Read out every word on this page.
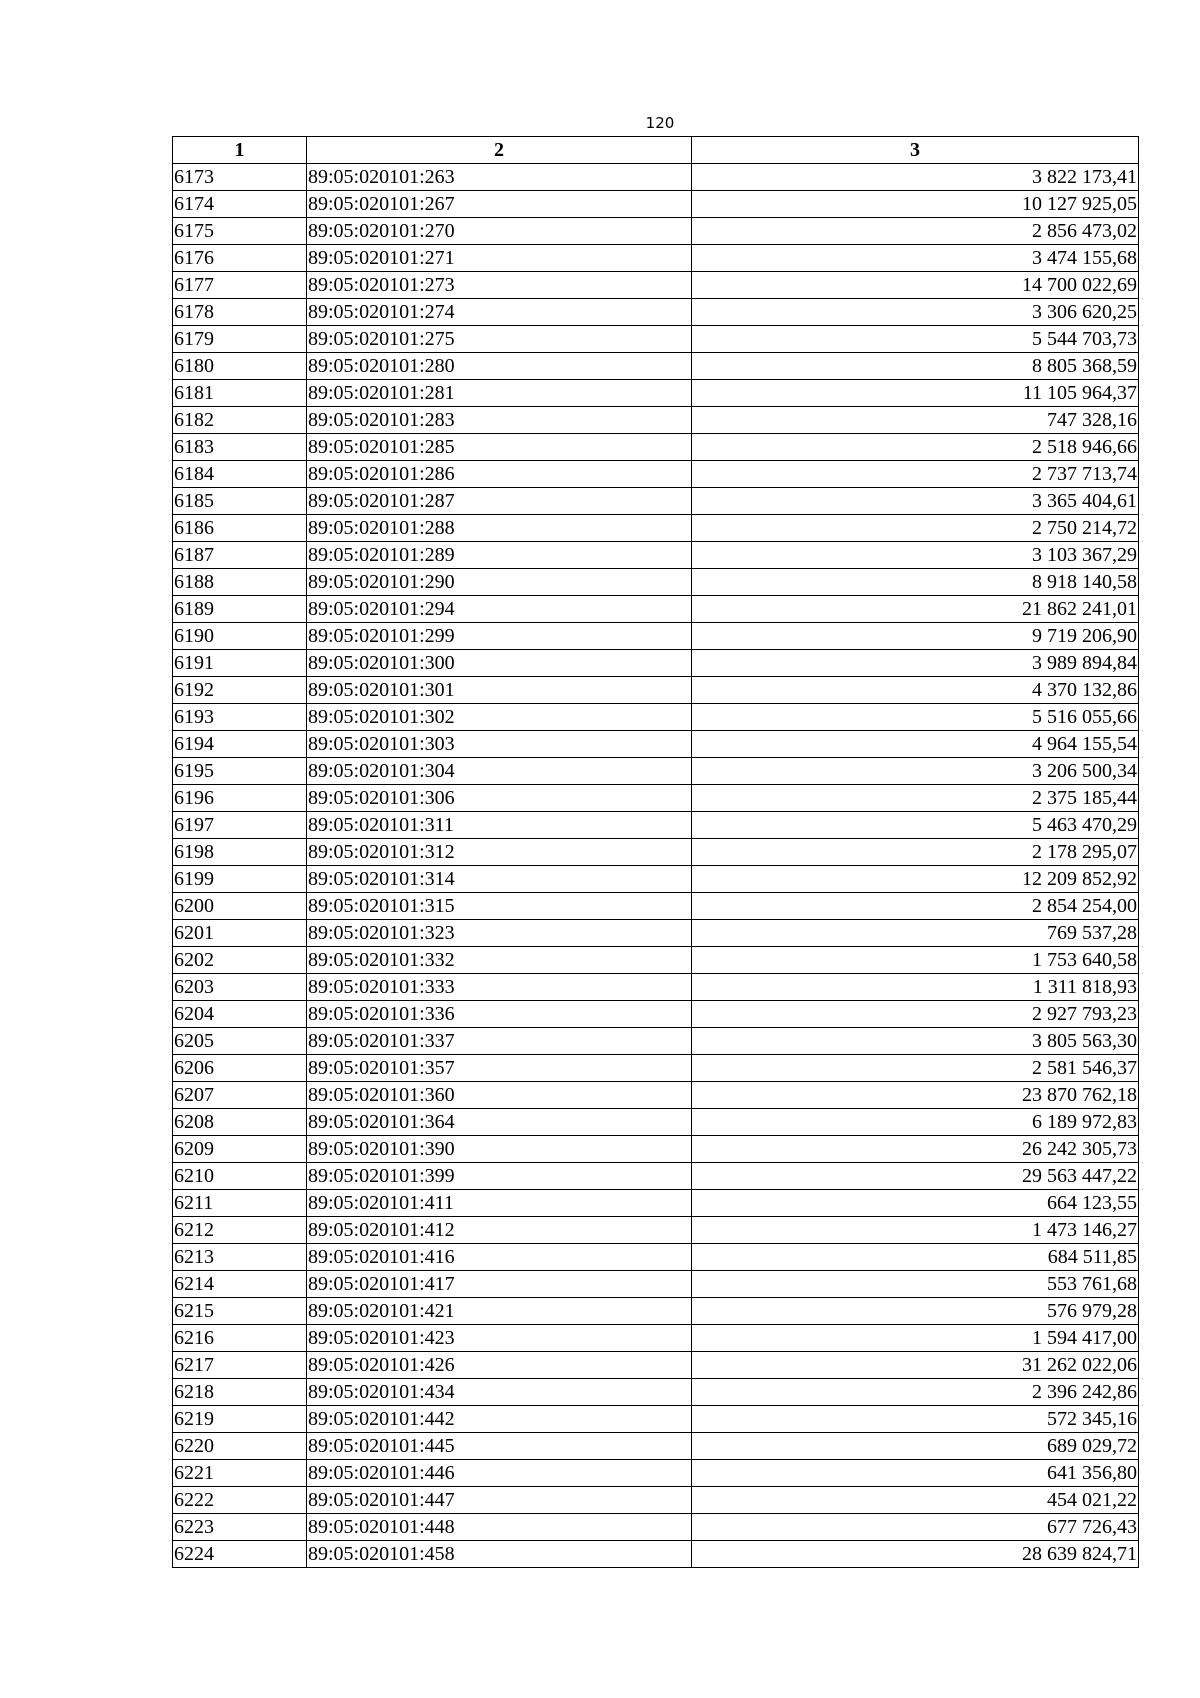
120
1	2	3
6173	89:05:020101:263	3 822 173,41
6174	89:05:020101:267	10 127 925,05
6175	89:05:020101:270	2 856 473,02
6176	89:05:020101:271	3 474 155,68
6177	89:05:020101:273	14 700 022,69
6178	89:05:020101:274	3 306 620,25
6179	89:05:020101:275	5 544 703,73
6180	89:05:020101:280	8 805 368,59
6181	89:05:020101:281	11 105 964,37
6182	89:05:020101:283	747 328,16
6183	89:05:020101:285	2 518 946,66
6184	89:05:020101:286	2 737 713,74
6185	89:05:020101:287	3 365 404,61
6186	89:05:020101:288	2 750 214,72
6187	89:05:020101:289	3 103 367,29
6188	89:05:020101:290	8 918 140,58
6189	89:05:020101:294	21 862 241,01
6190	89:05:020101:299	9 719 206,90
6191	89:05:020101:300	3 989 894,84
6192	89:05:020101:301	4 370 132,86
6193	89:05:020101:302	5 516 055,66
6194	89:05:020101:303	4 964 155,54
6195	89:05:020101:304	3 206 500,34
6196	89:05:020101:306	2 375 185,44
6197	89:05:020101:311	5 463 470,29
6198	89:05:020101:312	2 178 295,07
6199	89:05:020101:314	12 209 852,92
6200	89:05:020101:315	2 854 254,00
6201	89:05:020101:323	769 537,28
6202	89:05:020101:332	1 753 640,58
6203	89:05:020101:333	1 311 818,93
6204	89:05:020101:336	2 927 793,23
6205	89:05:020101:337	3 805 563,30
6206	89:05:020101:357	2 581 546,37
6207	89:05:020101:360	23 870 762,18
6208	89:05:020101:364	6 189 972,83
6209	89:05:020101:390	26 242 305,73
6210	89:05:020101:399	29 563 447,22
6211	89:05:020101:411	664 123,55
6212	89:05:020101:412	1 473 146,27
6213	89:05:020101:416	684 511,85
6214	89:05:020101:417	553 761,68
6215	89:05:020101:421	576 979,28
6216	89:05:020101:423	1 594 417,00
6217	89:05:020101:426	31 262 022,06
6218	89:05:020101:434	2 396 242,86
6219	89:05:020101:442	572 345,16
6220	89:05:020101:445	689 029,72
6221	89:05:020101:446	641 356,80
6222	89:05:020101:447	454 021,22
6223	89:05:020101:448	677 726,43
6224	89:05:020101:458	28 639 824,71
